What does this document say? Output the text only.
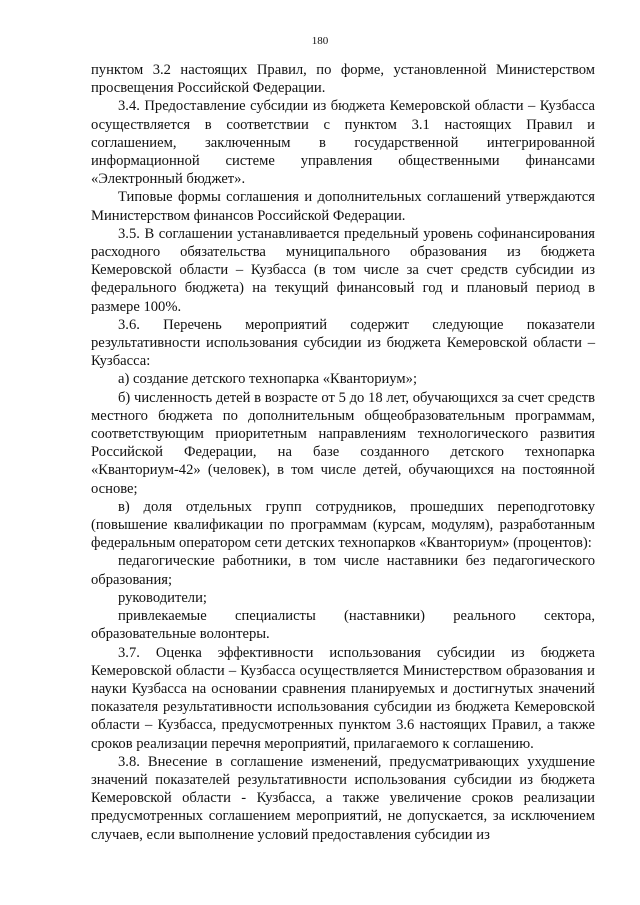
180

пунктом 3.2 настоящих Правил, по форме, установленной Министерством просвещения Российской Федерации.

3.4. Предоставление субсидии из бюджета Кемеровской области – Кузбасса осуществляется в соответствии с пунктом 3.1 настоящих Правил и соглашением, заключенным в государственной интегрированной информационной системе управления общественными финансами «Электронный бюджет».

Типовые формы соглашения и дополнительных соглашений утверждаются Министерством финансов Российской Федерации.

3.5. В соглашении устанавливается предельный уровень софинансирования расходного обязательства муниципального образования из бюджета Кемеровской области – Кузбасса (в том числе за счет средств субсидии из федерального бюджета) на текущий финансовый год и плановый период в размере 100%.

3.6. Перечень мероприятий содержит следующие показатели результативности использования субсидии из бюджета Кемеровской области – Кузбасса:

а) создание детского технопарка «Кванториум»;

б) численность детей в возрасте от 5 до 18 лет, обучающихся за счет средств местного бюджета по дополнительным общеобразовательным программам, соответствующим приоритетным направлениям технологического развития Российской Федерации, на базе созданного детского технопарка «Кванториум-42» (человек), в том числе детей, обучающихся на постоянной основе;

в) доля отдельных групп сотрудников, прошедших переподготовку (повышение квалификации по программам (курсам, модулям), разработанным федеральным оператором сети детских технопарков «Кванториум» (процентов):

педагогические работники, в том числе наставники без педагогического образования;

руководители;

привлекаемые специалисты (наставники) реального сектора, образовательные волонтеры.

3.7. Оценка эффективности использования субсидии из бюджета Кемеровской области – Кузбасса осуществляется Министерством образования и науки Кузбасса на основании сравнения планируемых и достигнутых значений показателя результативности использования субсидии из бюджета Кемеровской области – Кузбасса, предусмотренных пунктом 3.6 настоящих Правил, а также сроков реализации перечня мероприятий, прилагаемого к соглашению.

3.8. Внесение в соглашение изменений, предусматривающих ухудшение значений показателей результативности использования субсидии из бюджета Кемеровской области - Кузбасса, а также увеличение сроков реализации предусмотренных соглашением мероприятий, не допускается, за исключением случаев, если выполнение условий предоставления субсидии из
